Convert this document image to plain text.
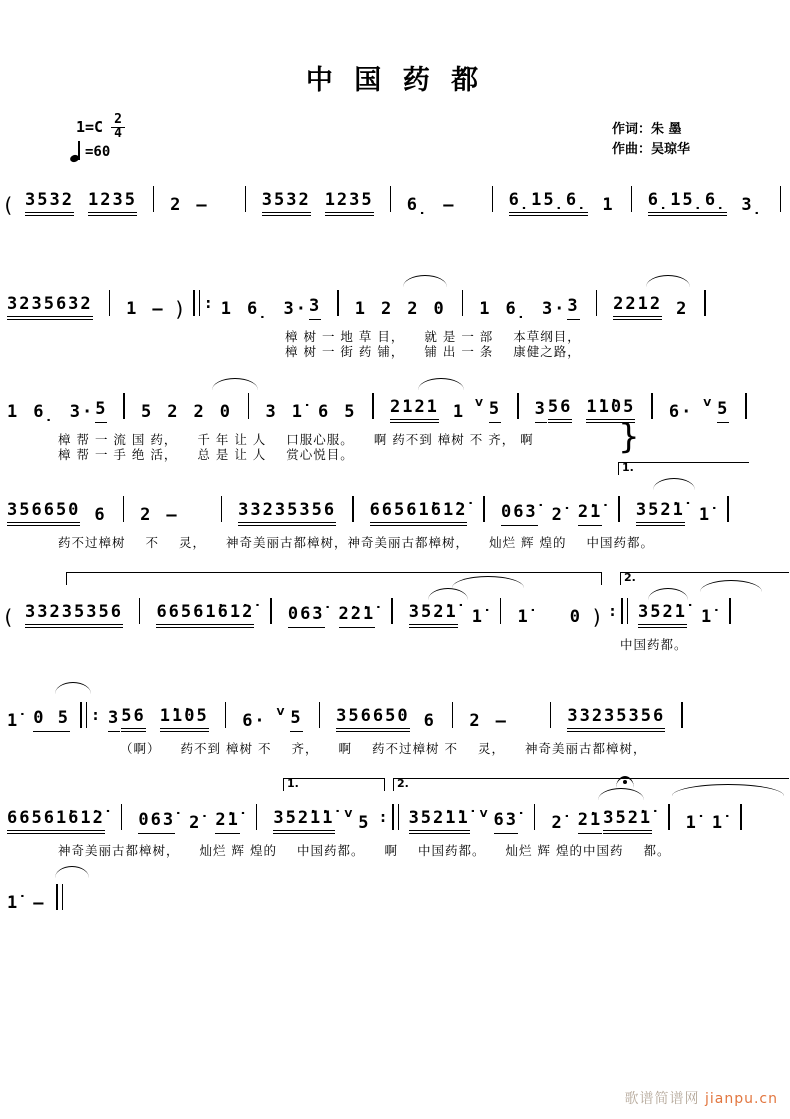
中 国 药 都
$1=C \frac{2}{4}$
=60
作词：朱 墨
作曲：吴琼华
( 3532 1235 2 –	3532 1235 6̣ –	6̣15̣6̣ 1 6̣15̣6̣ 3̣
3235632 1 – ) : 1 6̣ 3· 3 1 2 2 0 1 6̣ 3· 3 2212 2
樟 树 一 地 草 目， 就 是 一 部 本草纲目，
樟 树 一 街 药 铺， 铺 出 一 条 康健之路，
}
1 6̣ 3· 5 5 2 2 0 3 1̇ 6 5 2121 1 V 5 3 56 1̇1̇05 6· V 5
樟 帮 一 流 国 药， 千 年 让 人 口服心服。 啊 药不到 樟树 不 齐， 啊
樟 帮 一 手 绝 活， 总 是 让 人 赏心悦目。
1.
356650 6 2 –	33235356 66561̇61̇2̇ 063̇ 2̇ 2̇1̇ 352̇1̇ 1̇
药不过樟树 不 灵， 神奇美丽古都樟树，神奇美丽古都樟树， 灿烂 辉 煌的 中国药都。
2.
( 33235356 66561̇61̇2̇ 063̇ 2̇2̇1̇ 352̇1̇ 1̇ 1̇ 0 ) : 352̇1̇ 1̇
中国药都。
1̇ 0 5 : 3 56 1̇1̇05 6· V 5 356650 6 2 –	33235356
（啊） 药不到 樟树 不 齐， 啊 药不过樟树 不 灵， 神奇美丽古都樟树，
1.	2.
66561̇61̇2̇ 063̇ 2̇ 2̇1̇ 352̇1̇1̇ V 5 : 352̇1̇1̇ V 63̇ 2̇ 2̇1̇ 352̇1̇ 1̇ 1̇
神奇美丽古都樟树， 灿烂 辉 煌的 中国药都。 啊 中国药都。 灿烂 辉 煌的中国药 都。
1̇ –
歌谱简谱网 jianpu.cn
